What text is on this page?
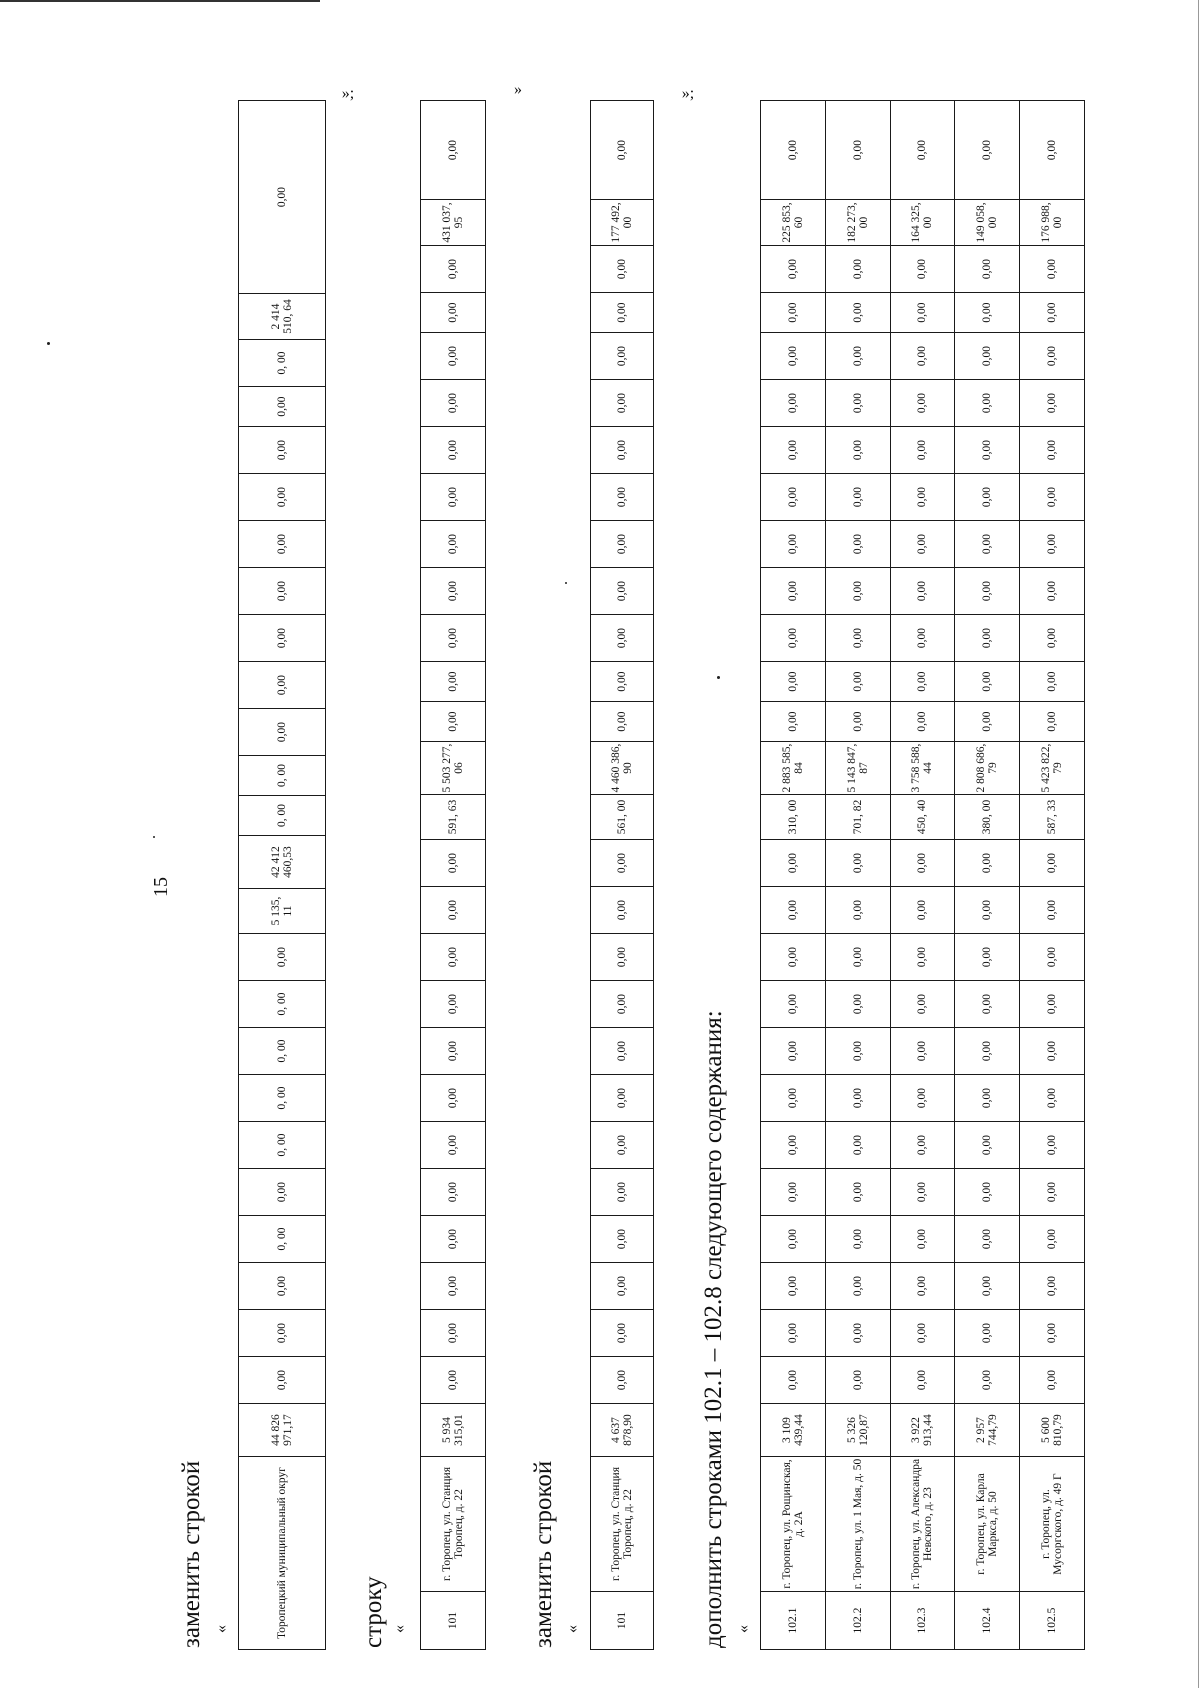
15
заменить строкой «	Торопецкий муниципальный округ	44 826 971,17	0,00	0,00	0,00	0, 00	0,00	0, 00	0, 00	0, 00	0, 00	0,00	5 135, 11	42 412 460,53	0, 00	0, 00	0,00	0,00	0,00	0,00	0,00	0,00	0,00	0,00	0, 00	2 414 510, 64	0,00
»;
строку «	101	г. Торопец, ул. Станция Торопец, д. 22	5 934 315,01	0,00	0,00	0,00	0,00	0,00	0,00	0,00	0,00	0,00	0,00	0,00	0,00	591, 63	5 503 277, 06	0,00	0,00	0,00	0,00	0,00	0,00	0,00	0,00	0,00	0,00	0,00	431 037, 95	0,00
»
заменить строкой «	101	г. Торопец, ул. Станция Торопец, д. 22	4 637 878,90	0,00	0,00	0,00	0,00	0,00	0,00	0,00	0,00	0,00	0,00	0,00	0,00	561, 00	4 460 386, 90	0,00	0,00	0,00	0,00	0,00	0,00	0,00	0,00	0,00	0,00	0,00	177 492, 00	0,00
»;
дополнить строками 102.1 – 102.8 следующего содержания: «	102.1	г. Торопец, ул. Рощинская, д. 2А	3 109 439,44	0,00	0,00	0,00	0,00	0,00	0,00	0,00	0,00	0,00	0,00	0,00	0,00	310, 00	2 883 585, 84	0,00	0,00	0,00	0,00	0,00	0,00	0,00	0,00	0,00	0,00	0,00	225 853, 60	0,00
102.2	г. Торопец, ул. 1 Мая, д. 50	5 326 120,87	0,00	0,00	0,00	0,00	0,00	0,00	0,00	0,00	0,00	0,00	0,00	0,00	701, 82	5 143 847, 87	0,00	0,00	0,00	0,00	0,00	0,00	0,00	0,00	0,00	0,00	0,00	182 273, 00	0,00
102.3	г. Торопец, ул. Александра Невского, д. 23	3 922 913,44	0,00	0,00	0,00	0,00	0,00	0,00	0,00	0,00	0,00	0,00	0,00	0,00	450, 40	3 758 588, 44	0,00	0,00	0,00	0,00	0,00	0,00	0,00	0,00	0,00	0,00	0,00	164 325, 00	0,00
102.4	г. Торопец, ул. Карла Маркса, д. 50	2 957 744,79	0,00	0,00	0,00	0,00	0,00	0,00	0,00	0,00	0,00	0,00	0,00	0,00	380, 00	2 808 686, 79	0,00	0,00	0,00	0,00	0,00	0,00	0,00	0,00	0,00	0,00	0,00	149 058, 00	0,00
102.5	г. Торопец, ул. Мусоргского, д. 49 Г	5 600 810,79	0,00	0,00	0,00	0,00	0,00	0,00	0,00	0,00	0,00	0,00	0,00	0,00	587, 33	5 423 822, 79	0,00	0,00	0,00	0,00	0,00	0,00	0,00	0,00	0,00	0,00	0,00	176 988, 00	0,00
